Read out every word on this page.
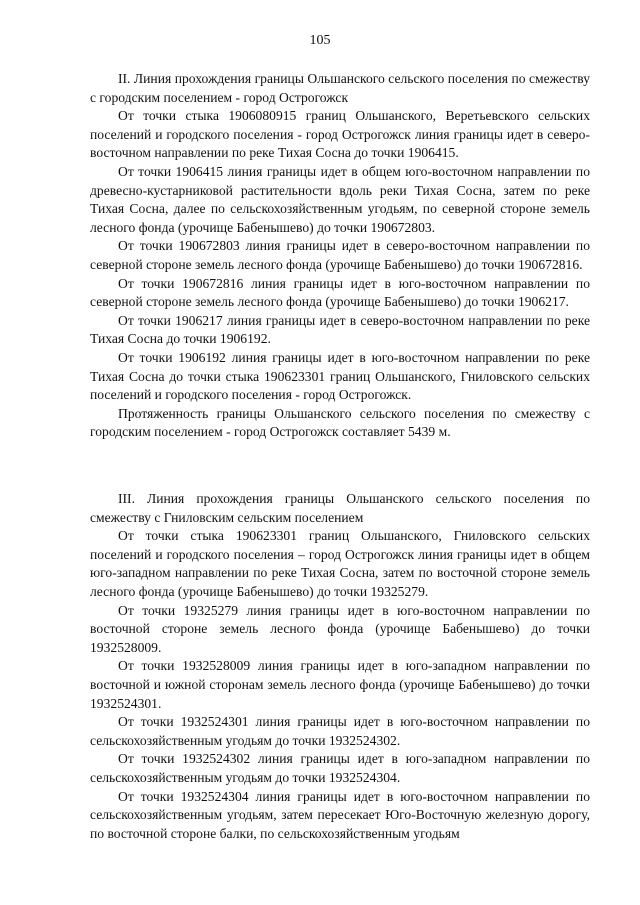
105

II. Линия прохождения границы Ольшанского сельского поселения по смежеству с городским поселением - город Острогожск

От точки стыка 1906080915 границ Ольшанского, Веретьевского сельских поселений и городского поселения - город Острогожск линия границы идет в северо-восточном направлении по реке Тихая Сосна до точки 1906415.

От точки 1906415 линия границы идет в общем юго-восточном направлении по древесно-кустарниковой растительности вдоль реки Тихая Сосна, затем по реке Тихая Сосна, далее по сельскохозяйственным угодьям, по северной стороне земель лесного фонда (урочище Бабенышево) до точки 190672803.

От точки 190672803 линия границы идет в северо-восточном направлении по северной стороне земель лесного фонда (урочище Бабенышево) до точки 190672816.

От точки 190672816 линия границы идет в юго-восточном направлении по северной стороне земель лесного фонда (урочище Бабенышево) до точки 1906217.

От точки 1906217 линия границы идет в северо-восточном направлении по реке Тихая Сосна до точки 1906192.

От точки 1906192 линия границы идет в юго-восточном направлении по реке Тихая Сосна до точки стыка 190623301 границ Ольшанского, Гниловского сельских поселений и городского поселения - город Острогожск.

Протяженность границы Ольшанского сельского поселения по смежеству с городским поселением - город Острогожск составляет 5439 м.

III. Линия прохождения границы Ольшанского сельского поселения по смежеству с Гниловским сельским поселением

От точки стыка 190623301 границ Ольшанского, Гниловского сельских поселений и городского поселения – город Острогожск линия границы идет в общем юго-западном направлении по реке Тихая Сосна, затем по восточной стороне земель лесного фонда (урочище Бабенышево) до точки 19325279.

От точки 19325279 линия границы идет в юго-восточном направлении по восточной стороне земель лесного фонда (урочище Бабенышево) до точки 1932528009.

От точки 1932528009 линия границы идет в юго-западном направлении по восточной и южной сторонам земель лесного фонда (урочище Бабенышево) до точки 1932524301.

От точки 1932524301 линия границы идет в юго-восточном направлении по сельскохозяйственным угодьям до точки 1932524302.

От точки 1932524302 линия границы идет в юго-западном направлении по сельскохозяйственным угодьям до точки 1932524304.

От точки 1932524304 линия границы идет в юго-восточном направлении по сельскохозяйственным угодьям, затем пересекает Юго-Восточную железную дорогу, по восточной стороне балки, по сельскохозяйственным угодьям
